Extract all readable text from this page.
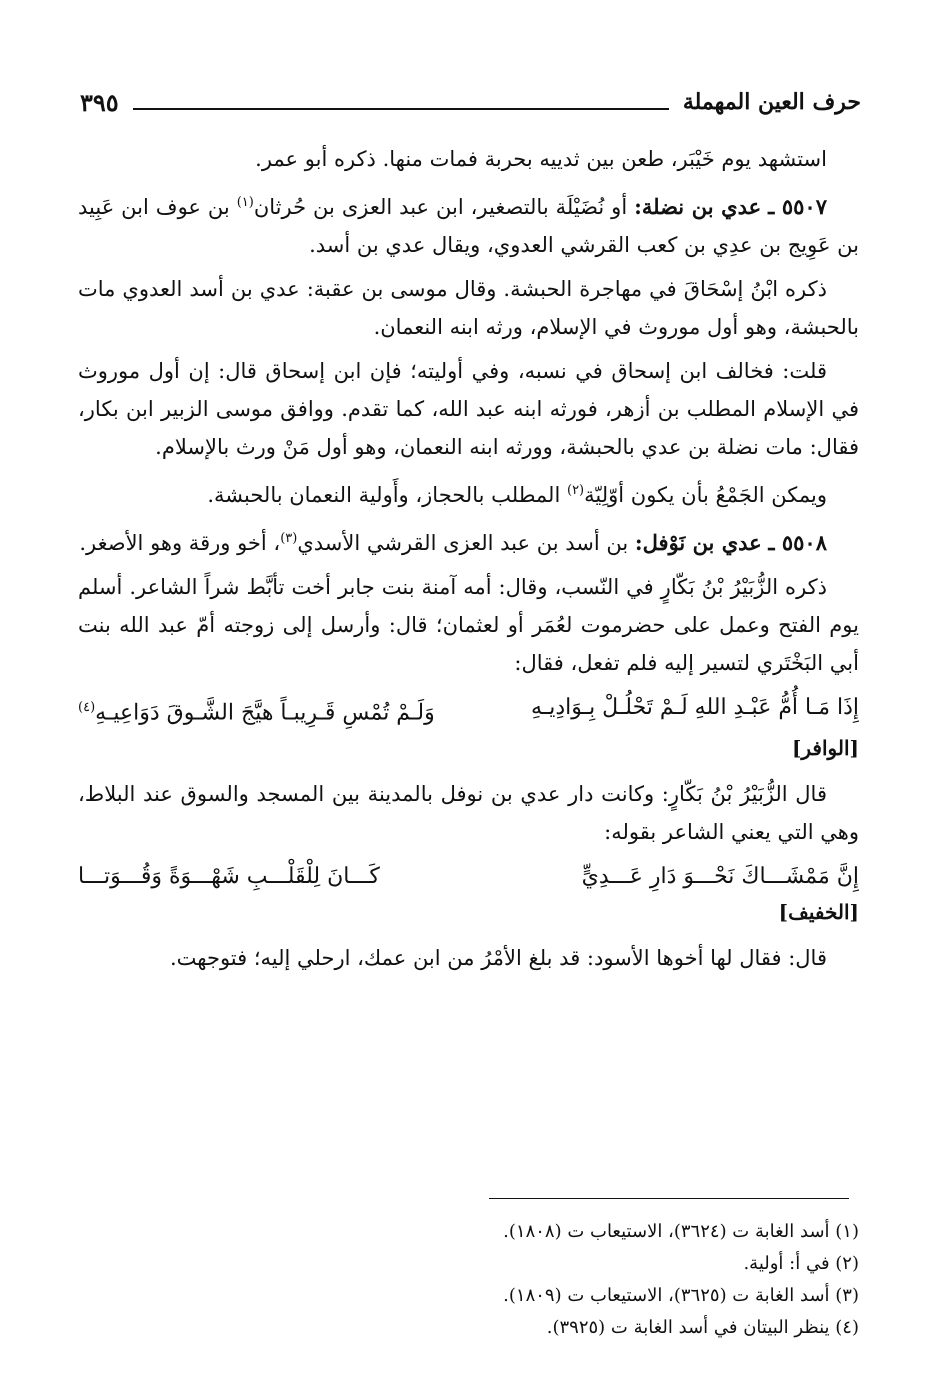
حرف العين المهملة
٣٩٥

استشهد يوم خَيْبَر، طعن بين ثدييه بحربة فمات منها. ذكره أبو عمر.

٥٥٠٧ ـ عدي بن نضلة: أو نُضَيْلَة بالتصغير، ابن عبد العزى بن حُرثان$^{(١)}$ بن عوف ابن عَبِيد بن عَوِيج بن عدِي بن كعب القرشي العدوي، ويقال عدي بن أسد.

ذكره ابْنُ إسْحَاقَ في مهاجرة الحبشة. وقال موسى بن عقبة: عدي بن أسد العدوي مات بالحبشة، وهو أول موروث في الإسلام، ورثه ابنه النعمان.

قلت: فخالف ابن إسحاق في نسبه، وفي أوليته؛ فإن ابن إسحاق قال: إن أول موروث في الإسلام المطلب بن أزهر، فورثه ابنه عبد الله، كما تقدم. ووافق موسى الزبير ابن بكار، فقال: مات نضلة بن عدي بالحبشة، وورثه ابنه النعمان، وهو أول مَنْ ورث بالإسلام.

ويمكن الجَمْعُ بأن يكون أوّلِيّة$^{(٢)}$ المطلب بالحجاز، وأَولية النعمان بالحبشة.

٥٥٠٨ ـ عدي بن نَوْفل: بن أسد بن عبد العزى القرشي الأسدي$^{(٣)}$، أخو ورقة وهو الأصغر.

ذكره الزُّبَيْرُ بْنُ بَكّارٍ في النّسب، وقال: أمه آمنة بنت جابر أخت تأبَّط شراً الشاعر. أسلم يوم الفتح وعمل على حضرموت لعُمَر أو لعثمان؛ قال: وأرسل إلى زوجته أمّ عبد الله بنت أبي البَخْتَري لتسير إليه فلم تفعل، فقال:

إِذَا مَـا أُمُّ عَبْـدِ اللهِ لَـمْ تَحْلُـلْ بِـوَادِيـهِ
وَلَـمْ تُمْسِ قَـرِيبـاً هيَّجَ الشَّـوقَ دَوَاعِيـهِ$^{(٤)}$
[الوافر]

قال الزُّبَيْرُ بْنُ بَكّارٍ: وكانت دار عدي بن نوفل بالمدينة بين المسجد والسوق عند البلاط، وهي التي يعني الشاعر بقوله:

إِنَّ مَمْشَـــاكَ نَحْـــوَ دَارِ عَـــدِيٍّ
كَـــانَ لِلْقَلْـــبِ شَهْـــوَةً وَقُـــوَتـــا
[الخفيف]

قال: فقال لها أخوها الأسود: قد بلغ الأمْرُ من ابن عمك، ارحلي إليه؛ فتوجهت.

(١) أسد الغابة ت (٣٦٢٤)، الاستيعاب ت (١٨٠٨).

(٢) في أ: أولية.

(٣) أسد الغابة ت (٣٦٢٥)، الاستيعاب ت (١٨٠٩).

(٤) ينظر البيتان في أسد الغابة ت (٣٩٢٥).
